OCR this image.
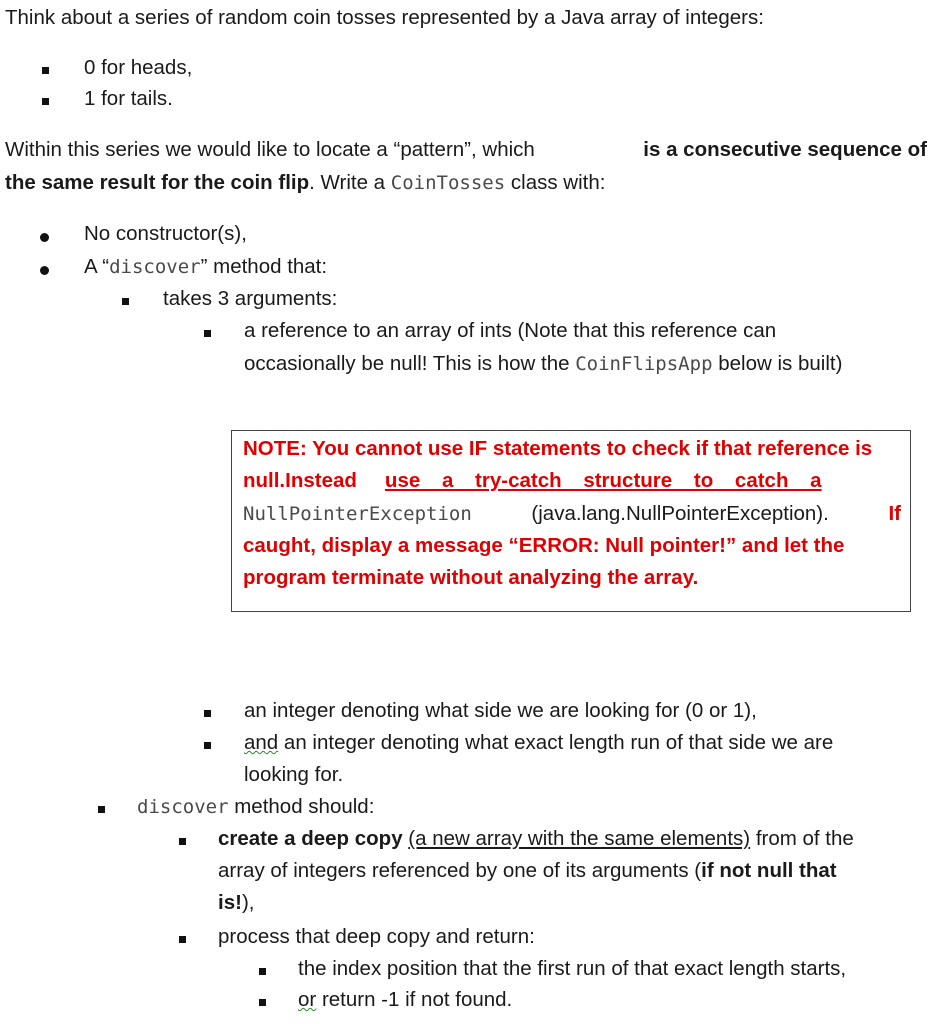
Think about a series of random coin tosses represented by a Java array of integers:
0 for heads,
1 for tails.
Within this series we would like to locate a “pattern”, which	is a consecutive sequence of
the same result for the coin flip. Write a CoinTosses class with:
No constructor(s),
A “discover” method that:
takes 3 arguments:
a reference to an array of ints (Note that this reference can
occasionally be null! This is how the CoinFlipsApp below is built)
NOTE: You cannot use IF statements to check if that reference is
null. Instead use a try-catch structure to catch a
NullPointerException	(java.lang.NullPointerException).	If
caught, display a message “ERROR: Null pointer!” and let the
program terminate without analyzing the array.
an integer denoting what side we are looking for (0 or 1),
and an integer denoting what exact length run of that side we are
looking for.
discover method should:
create a deep copy (a new array with the same elements) from of the
array of integers referenced by one of its arguments (if not null that
is!),
process that deep copy and return:
the index position that the first run of that exact length starts,
or return -1 if not found.
